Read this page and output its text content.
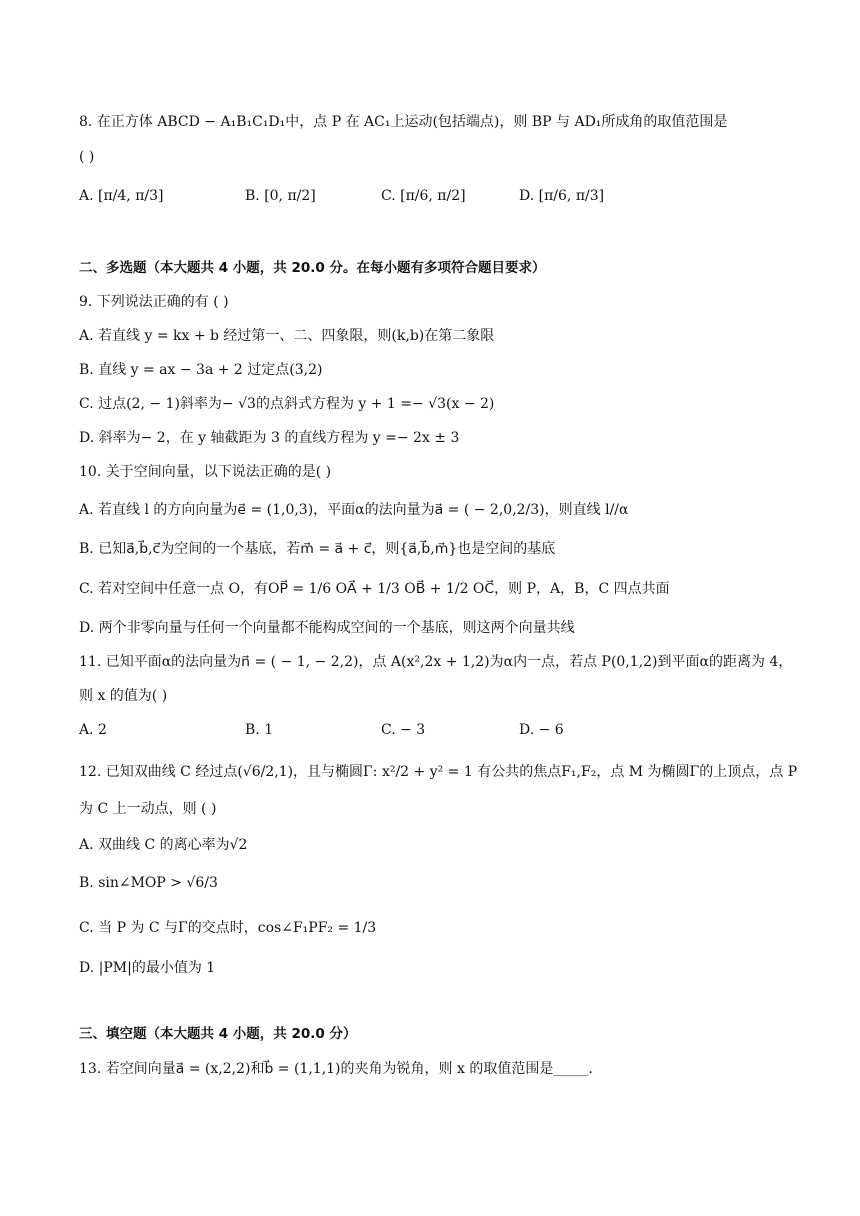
8. 在正方体 ABCD − A₁B₁C₁D₁中，点 P 在 AC₁上运动(包括端点)，则 BP 与 AD₁所成角的取值范围是
( )
A. [π/4, π/3]	B. [0, π/2]	C. [π/6, π/2]	D. [π/6, π/3]
二、多选题（本大题共 4 小题，共 20.0 分。在每小题有多项符合题目要求）
9. 下列说法正确的有 ( )
A. 若直线 y = kx + b 经过第一、二、四象限，则(k,b)在第二象限
B. 直线 y = ax − 3a + 2 过定点(3,2)
C. 过点(2, − 1)斜率为− √3的点斜式方程为 y + 1 =− √3(x − 2)
D. 斜率为− 2，在 y 轴截距为 3 的直线方程为 y =− 2x ± 3
10. 关于空间向量，以下说法正确的是( )
A. 若直线 l 的方向向量为e⃗ = (1,0,3)，平面α的法向量为a⃗ = ( − 2,0,2/3)，则直线 l//α
B. 已知a⃗,b⃗,c⃗为空间的一个基底，若m⃗ = a⃗ + c⃗，则{a⃗,b⃗,m⃗}也是空间的基底
C. 若对空间中任意一点 O，有OP⃗ = 1/6 OA⃗ + 1/3 OB⃗ + 1/2 OC⃗，则 P，A，B，C 四点共面
D. 两个非零向量与任何一个向量都不能构成空间的一个基底，则这两个向量共线
11. 已知平面α的法向量为n⃗ = ( − 1, − 2,2)，点 A(x²,2x + 1,2)为α内一点，若点 P(0,1,2)到平面α的距离为 4，
则 x 的值为( )
A. 2	B. 1	C. − 3	D. − 6
12. 已知双曲线 C 经过点(√6/2,1)，且与椭圆Γ: x²/2 + y² = 1 有公共的焦点F₁,F₂，点 M 为椭圆Γ的上顶点，点 P
为 C 上一动点，则 ( )
A. 双曲线 C 的离心率为√2
B. sin∠MOP > √6/3
C. 当 P 为 C 与Γ的交点时，cos∠F₁PF₂ = 1/3
D. |PM|的最小值为 1
三、填空题（本大题共 4 小题，共 20.0 分）
13. 若空间向量a⃗ = (x,2,2)和b⃗ = (1,1,1)的夹角为锐角，则 x 的取值范围是_____.
